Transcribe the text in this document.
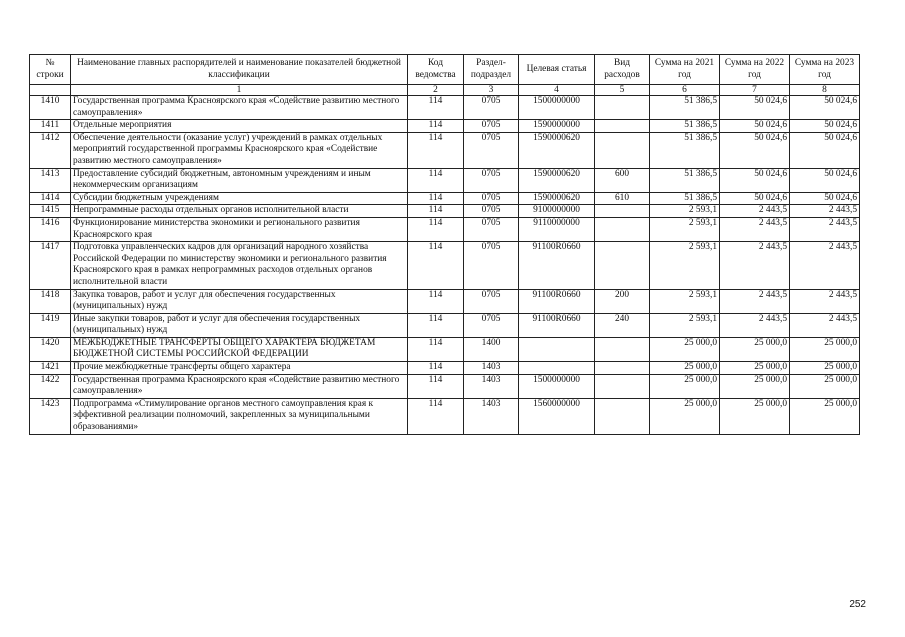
№ строки	Наименование главных распорядителей и наименование показателей бюджетной классификации	Код ведомства	Раздел-подраздел	Целевая статья	Вид расходов	Сумма на 2021 год	Сумма на 2022 год	Сумма на 2023 год
	1	2	3	4	5	6	7	8
1410	Государственная программа Красноярского края «Содействие развитию местного самоуправления»	114	0705	1500000000		51 386,5	50 024,6	50 024,6
1411	Отдельные мероприятия	114	0705	1590000000		51 386,5	50 024,6	50 024,6
1412	Обеспечение деятельности (оказание услуг) учреждений в рамках отдельных мероприятий государственной программы Красноярского края «Содействие развитию местного самоуправления»	114	0705	1590000620		51 386,5	50 024,6	50 024,6
1413	Предоставление субсидий бюджетным, автономным учреждениям и иным некоммерческим организациям	114	0705	1590000620	600	51 386,5	50 024,6	50 024,6
1414	Субсидии бюджетным учреждениям	114	0705	1590000620	610	51 386,5	50 024,6	50 024,6
1415	Непрограммные расходы отдельных органов исполнительной власти	114	0705	9100000000		2 593,1	2 443,5	2 443,5
1416	Функционирование министерства экономики и регионального развития Красноярского края	114	0705	9110000000		2 593,1	2 443,5	2 443,5
1417	Подготовка управленческих кадров для организаций народного хозяйства Российской Федерации по министерству экономики и регионального развития Красноярского края в рамках непрограммных расходов отдельных органов исполнительной власти	114	0705	91100R0660		2 593,1	2 443,5	2 443,5
1418	Закупка товаров, работ и услуг для обеспечения государственных (муниципальных) нужд	114	0705	91100R0660	200	2 593,1	2 443,5	2 443,5
1419	Иные закупки товаров, работ и услуг для обеспечения государственных (муниципальных) нужд	114	0705	91100R0660	240	2 593,1	2 443,5	2 443,5
1420	МЕЖБЮДЖЕТНЫЕ ТРАНСФЕРТЫ ОБЩЕГО ХАРАКТЕРА БЮДЖЕТАМ БЮДЖЕТНОЙ СИСТЕМЫ РОССИЙСКОЙ ФЕДЕРАЦИИ	114	1400			25 000,0	25 000,0	25 000,0
1421	Прочие межбюджетные трансферты общего характера	114	1403			25 000,0	25 000,0	25 000,0
1422	Государственная программа Красноярского края «Содействие развитию местного самоуправления»	114	1403	1500000000		25 000,0	25 000,0	25 000,0
1423	Подпрограмма «Стимулирование органов местного самоуправления края к эффективной реализации полномочий, закрепленных за муниципальными образованиями»	114	1403	1560000000		25 000,0	25 000,0	25 000,0
252
